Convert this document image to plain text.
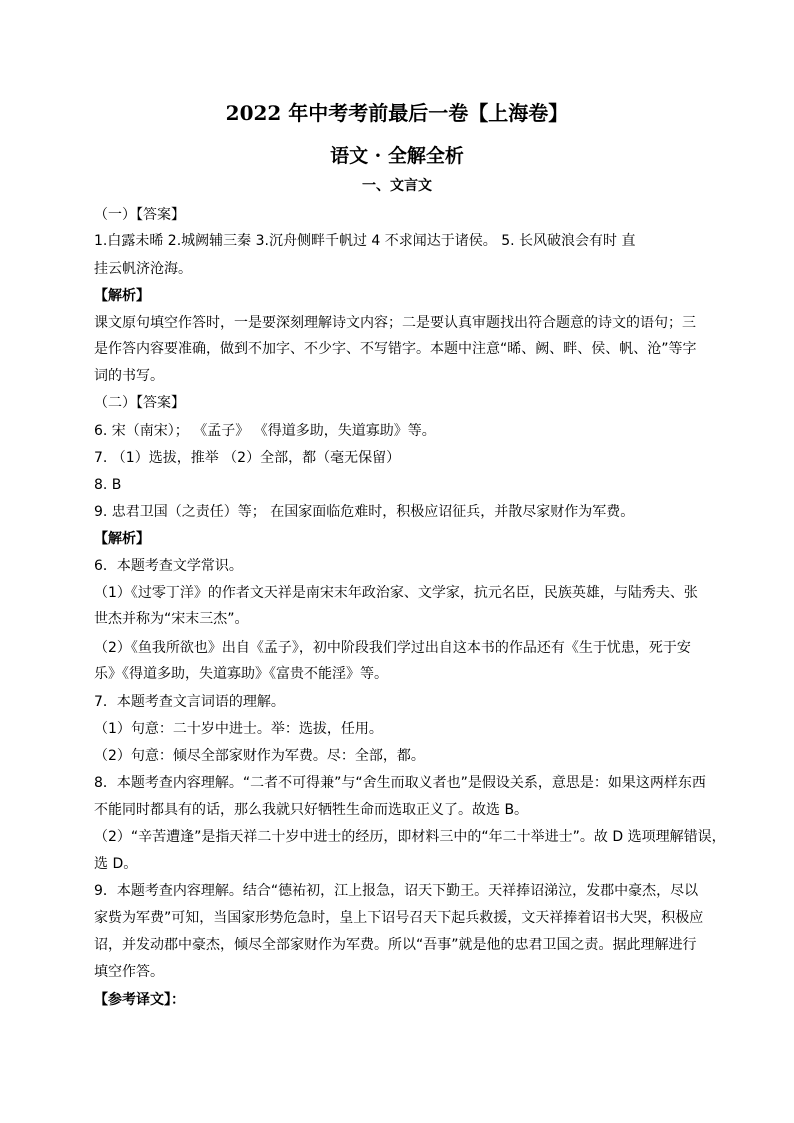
2022 年中考考前最后一卷【上海卷】
语文 · 全解全析
一、文言文
（一）【答案】
1.白露未晞 2.城阙辅三秦 3.沉舟侧畔千帆过 4 不求闻达于诸侯。 5. 长风破浪会有时 直
挂云帆济沧海。
【解析】
课文原句填空作答时，一是要深刻理解诗文内容；二是要认真审题找出符合题意的诗文的语句；三
是作答内容要准确，做到不加字、不少字、不写错字。本题中注意“晞、阙、畔、侯、帆、沧”等字
词的书写。
（二）【答案】
6. 宋（南宋）； 《孟子》 《得道多助，失道寡助》等。
7. （1）选拔，推举 （2）全部，都（毫无保留）
8. B
9. 忠君卫国（之责任）等； 在国家面临危难时，积极应诏征兵，并散尽家财作为军费。
【解析】
6．本题考查文学常识。
（1）《过零丁洋》的作者文天祥是南宋末年政治家、文学家，抗元名臣，民族英雄，与陆秀夫、张
世杰并称为“宋末三杰”。
（2）《鱼我所欲也》出自《孟子》，初中阶段我们学过出自这本书的作品还有《生于忧患，死于安
乐》《得道多助，失道寡助》《富贵不能淫》等。
7．本题考查文言词语的理解。
（1）句意：二十岁中进士。举：选拔，任用。
（2）句意：倾尽全部家财作为军费。尽：全部，都。
8．本题考查内容理解。“二者不可得兼”与“舍生而取义者也”是假设关系，意思是：如果这两样东西
不能同时都具有的话，那么我就只好牺牲生命而选取正义了。故选 B。
（2）“辛苦遭逢”是指天祥二十岁中进士的经历，即材料三中的“年二十举进士”。故 D 选项理解错误，
选 D。
9．本题考查内容理解。结合“德祐初，江上报急，诏天下勤王。天祥捧诏涕泣，发郡中豪杰，尽以
家赀为军费”可知，当国家形势危急时，皇上下诏号召天下起兵救援，文天祥捧着诏书大哭，积极应
诏，并发动郡中豪杰，倾尽全部家财作为军费。所以“吾事”就是他的忠君卫国之责。据此理解进行
填空作答。
【参考译文】：
